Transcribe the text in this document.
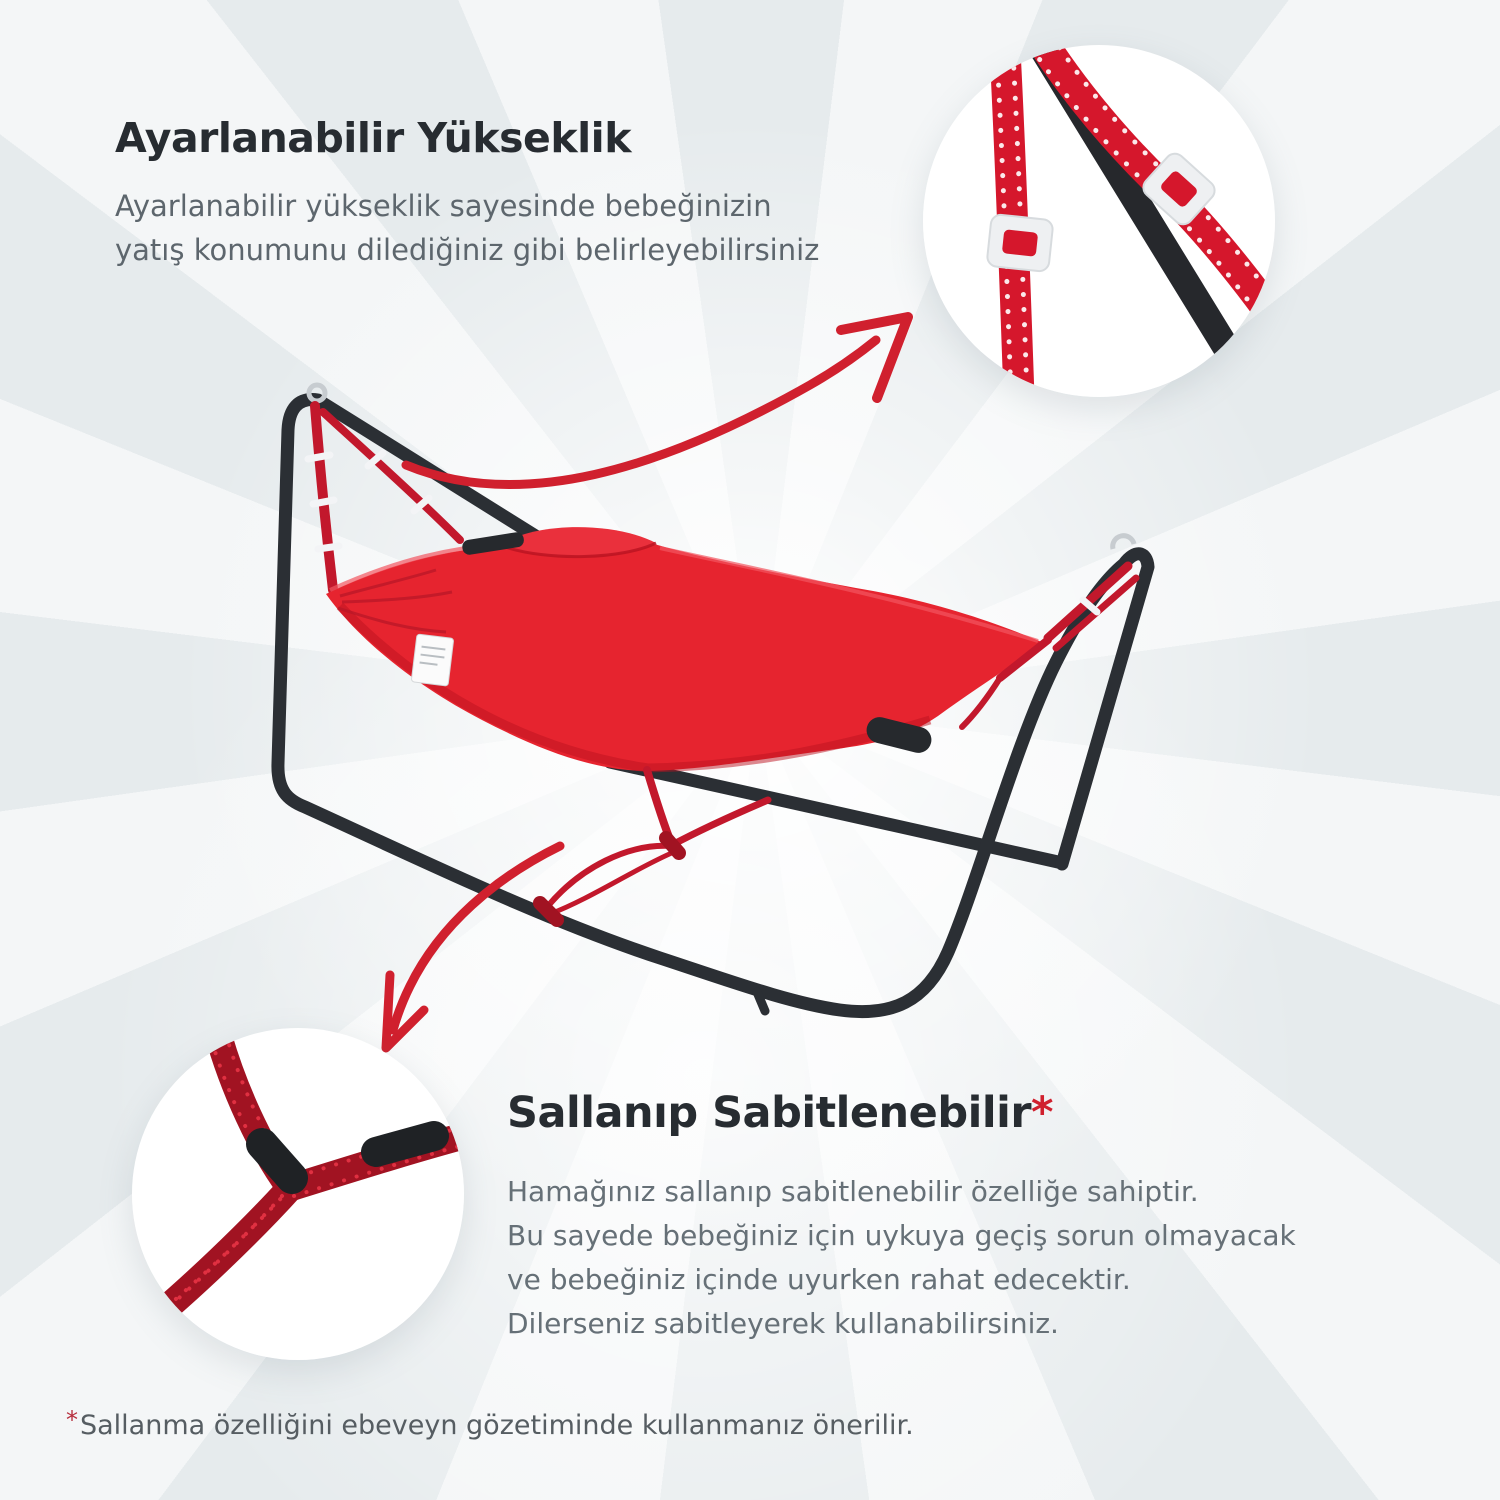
Ayarlanabilir Yükseklik
Ayarlanabilir yükseklik sayesinde bebeğinizin
yatış konumunu dilediğiniz gibi belirleyebilirsiniz
Sallanıp Sabitlenebilir*
Hamağınız sallanıp sabitlenebilir özelliğe sahiptir.
Bu sayede bebeğiniz için uykuya geçiş sorun olmayacak
ve bebeğiniz içinde uyurken rahat edecektir.
Dilerseniz sabitleyerek kullanabilirsiniz.
*Sallanma özelliğini ebeveyn gözetiminde kullanmanız önerilir.
